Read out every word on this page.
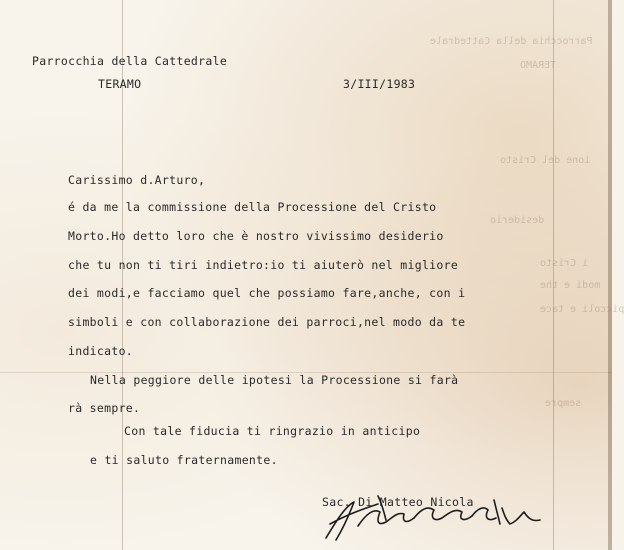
Parrocchia della Cattedrale
TERAMO
ione del Cristo
desiderio
i Cristo
modi e the
piccoli e tace
sempre
Parrocchia della Cattedrale
TERAMO	3/III/1983
Carissimo d.Arturo,
é da me la commissione della Processione del Cristo
Morto.Ho detto loro che è nostro vivissimo desiderio
che tu non ti tiri indietro:io ti aiuterò nel migliore
dei modi,e facciamo quel che possiamo fare,anche, con i
simboli e con collaborazione dei parroci,nel modo da te
indicato.
Nella peggiore delle ipotesi la Processione si farà
rà sempre.
Con tale fiducia ti ringrazio in anticipo
e ti saluto fraternamente.
Sac. Di Matteo Nicola
